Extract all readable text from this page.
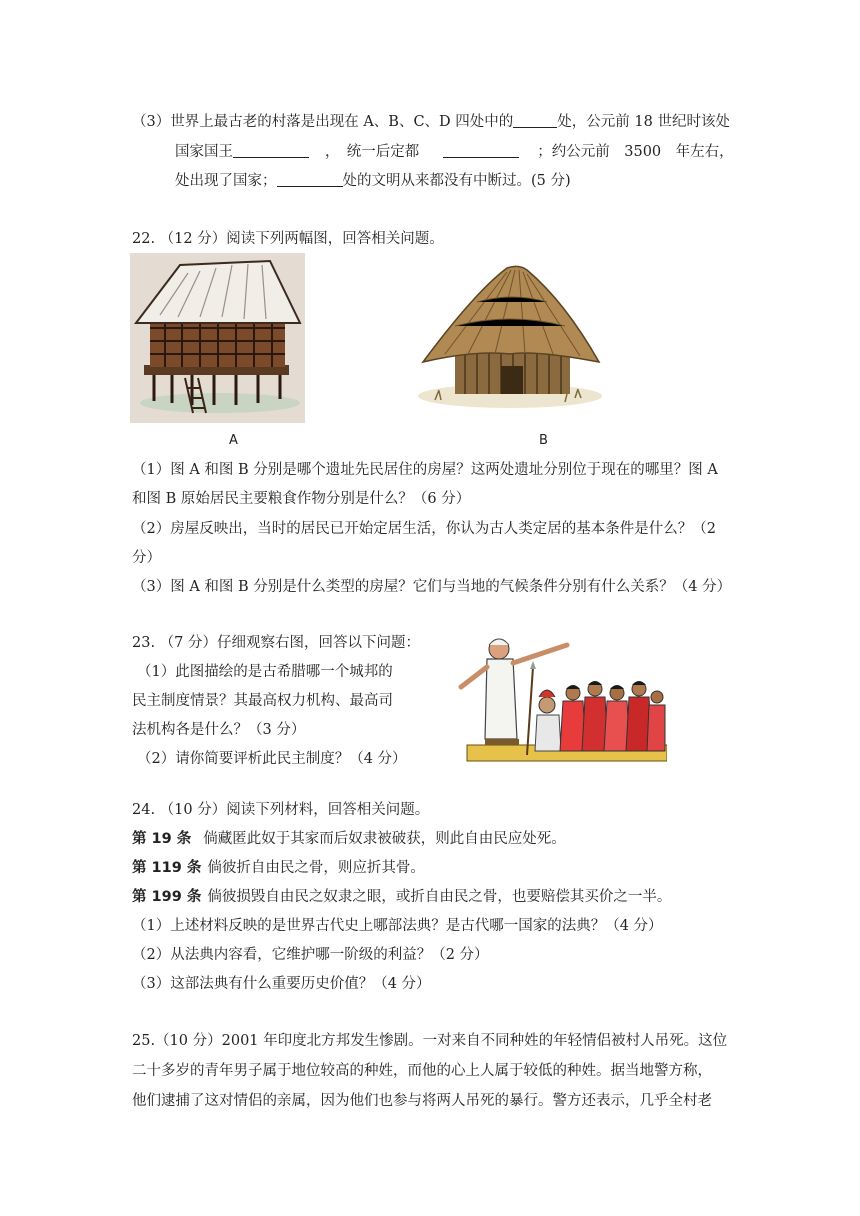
（3）世界上最古老的村落是出现在 A、B、C、D 四处中的	处，公元前 18 世纪时该处
国家国王	，　统一后定都	；约公元前　3500　年左右，
处出现了国家；	处的文明从来都没有中断过。(5 分)
22. （12 分）阅读下列两幅图，回答相关问题。
A	B
（1）图 A 和图 B 分别是哪个遗址先民居住的房屋？这两处遗址分别位于现在的哪里？图 A
和图 B 原始居民主要粮食作物分别是什么？（6 分）
（2）房屋反映出，当时的居民已开始定居生活，你认为古人类定居的基本条件是什么？（2
分）
（3）图 A 和图 B 分别是什么类型的房屋？它们与当地的气候条件分别有什么关系？（4 分）
23. （7 分）仔细观察右图，回答以下问题：
（1）此图描绘的是古希腊哪一个城邦的
民主制度情景？其最高权力机构、最高司
法机构各是什么？（3 分）
（2）请你简要评析此民主制度？（4 分）
24. （10 分）阅读下列材料，回答相关问题。
第 19 条 倘藏匿此奴于其家而后奴隶被破获，则此自由民应处死。
第 119 条 倘彼折自由民之骨，则应折其骨。
第 199 条 倘彼损毁自由民之奴隶之眼，或折自由民之骨，也要赔偿其买价之一半。
（1）上述材料反映的是世界古代史上哪部法典？是古代哪一国家的法典？（4 分）
（2）从法典内容看，它维护哪一阶级的利益？（2 分）
（3）这部法典有什么重要历史价值？（4 分）
25.（10 分）2001 年印度北方邦发生惨剧。一对来自不同种姓的年轻情侣被村人吊死。这位
二十多岁的青年男子属于地位较高的种姓，而他的心上人属于较低的种姓。据当地警方称，
他们逮捕了这对情侣的亲属，因为他们也参与将两人吊死的暴行。警方还表示，几乎全村老
